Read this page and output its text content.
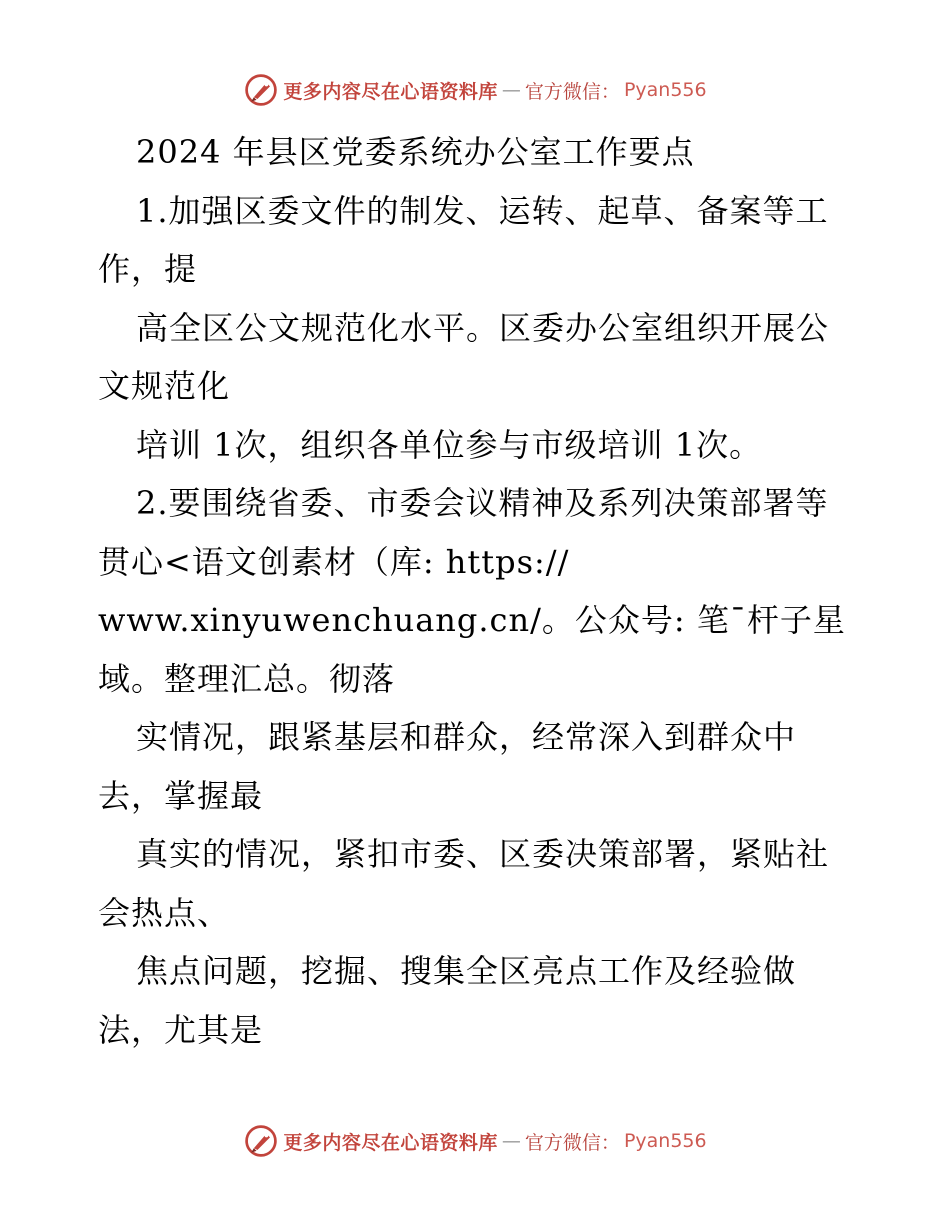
更多内容尽在心语资料库 — 官方微信： Pyan556
2024 年县区党委系统办公室工作要点
1.加强区委文件的制发、运转、起草、备案等工
作，提
高全区公文规范化水平。区委办公室组织开展公
文规范化
培训 1次，组织各单位参与市级培训 1次。
2.要围绕省委、市委会议精神及系列决策部署等
贯心<语文创素材（库: https://
www.xinyuwenchuang.cn/。公众号: 笔¯杆子星
域。整理汇总。彻落
实情况，跟紧基层和群众，经常深入到群众中
去，掌握最
真实的情况，紧扣市委、区委决策部署，紧贴社
会热点、
焦点问题，挖掘、搜集全区亮点工作及经验做
法，尤其是
更多内容尽在心语资料库 — 官方微信： Pyan556
